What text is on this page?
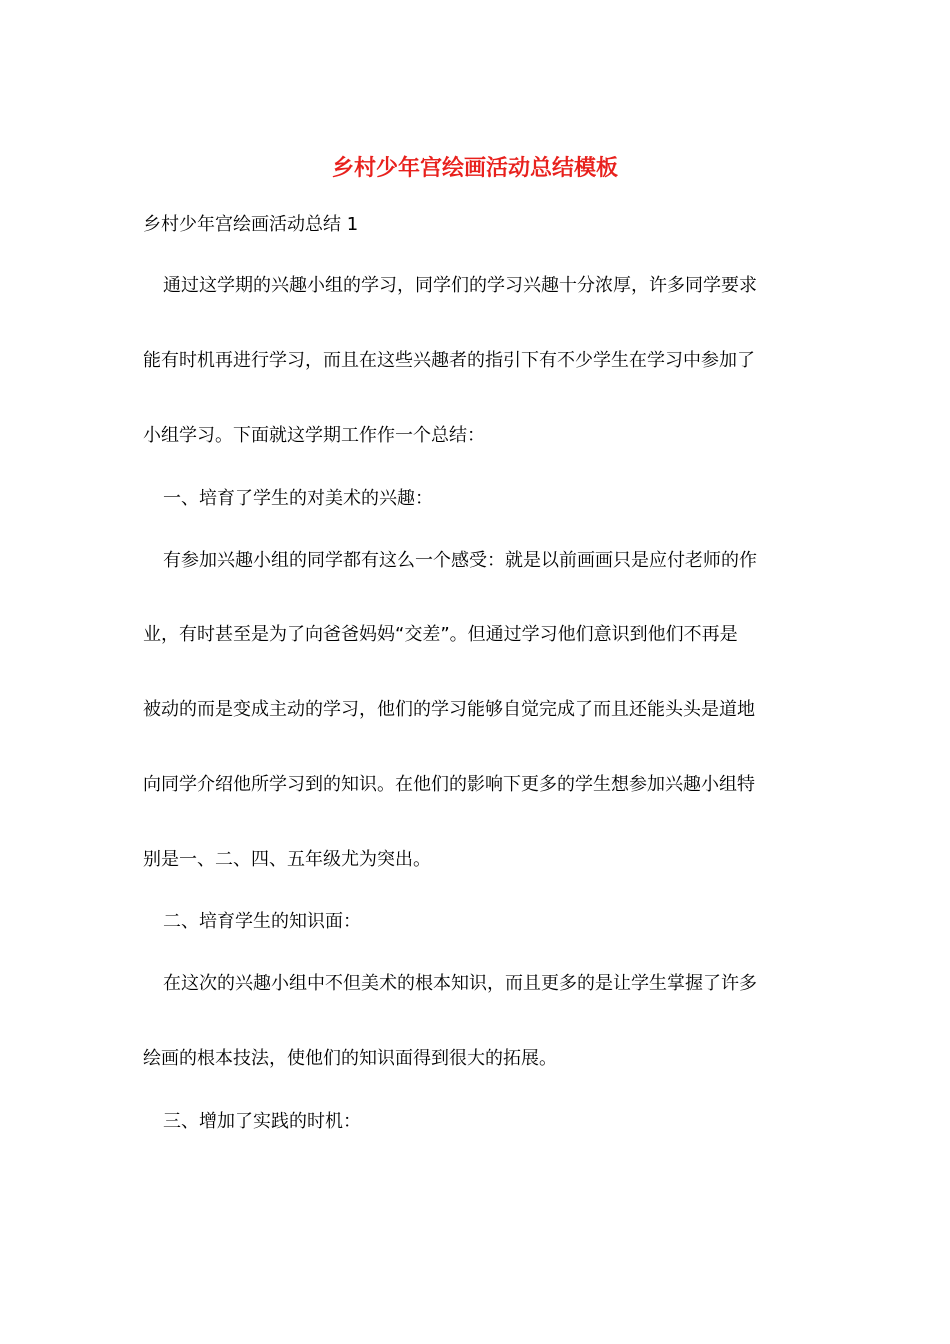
乡村少年宫绘画活动总结模板
乡村少年宫绘画活动总结 1
通过这学期的兴趣小组的学习，同学们的学习兴趣十分浓厚，许多同学要求
能有时机再进行学习，而且在这些兴趣者的指引下有不少学生在学习中参加了
小组学习。下面就这学期工作作一个总结：
一、培育了学生的对美术的兴趣：
有参加兴趣小组的同学都有这么一个感受：就是以前画画只是应付老师的作
业，有时甚至是为了向爸爸妈妈“交差”。但通过学习他们意识到他们不再是
被动的而是变成主动的学习，他们的学习能够自觉完成了而且还能头头是道地
向同学介绍他所学习到的知识。在他们的影响下更多的学生想参加兴趣小组特
别是一、二、四、五年级尤为突出。
二、培育学生的知识面：
在这次的兴趣小组中不但美术的根本知识，而且更多的是让学生掌握了许多
绘画的根本技法，使他们的知识面得到很大的拓展。
三、增加了实践的时机：
